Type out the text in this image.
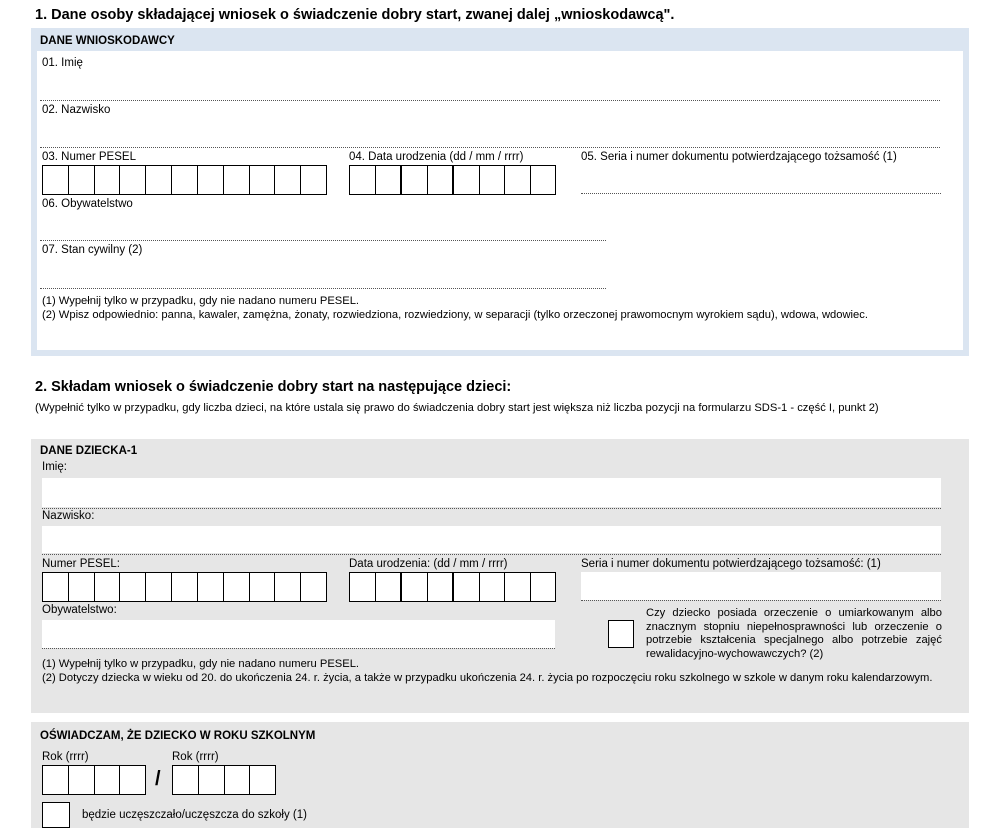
1. Dane osoby składającej wniosek o świadczenie dobry start, zwanej dalej „wnioskodawcą".
DANE WNIOSKODAWCY
01. Imię
02. Nazwisko
03. Numer PESEL	04. Data urodzenia (dd / mm / rrrr)	05. Seria i numer dokumentu potwierdzającego tożsamość (1)
06. Obywatelstwo
07. Stan cywilny (2)
(1) Wypełnij tylko w przypadku, gdy nie nadano numeru PESEL.
(2) Wpisz odpowiednio: panna, kawaler, zamężna, żonaty, rozwiedziona, rozwiedziony, w separacji (tylko orzeczonej prawomocnym wyrokiem sądu), wdowa, wdowiec.
2. Składam wniosek o świadczenie dobry start na następujące dzieci:
(Wypełnić tylko w przypadku, gdy liczba dzieci, na które ustala się prawo do świadczenia dobry start jest większa niż liczba pozycji na formularzu SDS-1 - część I, punkt 2)
DANE DZIECKA-1
Imię:
Nazwisko:
Numer PESEL:	Data urodzenia: (dd / mm / rrrr)	Seria i numer dokumentu potwierdzającego tożsamość: (1)
Obywatelstwo:	Czy dziecko posiada orzeczenie o umiarkowanym albo znacznym stopniu niepełnosprawności lub orzeczenie o potrzebie kształcenia specjalnego albo potrzebie zajęć rewalidacyjno-wychowawczych? (2)
(1) Wypełnij tylko w przypadku, gdy nie nadano numeru PESEL.
(2) Dotyczy dziecka w wieku od 20. do ukończenia 24. r. życia, a także w przypadku ukończenia 24. r. życia po rozpoczęciu roku szkolnego w szkole w danym roku kalendarzowym.
OŚWIADCZAM, ŻE DZIECKO W ROKU SZKOLNYM
Rok (rrrr)
/
Rok (rrrr)
będzie uczęszczało/uczęszcza do szkoły (1)
